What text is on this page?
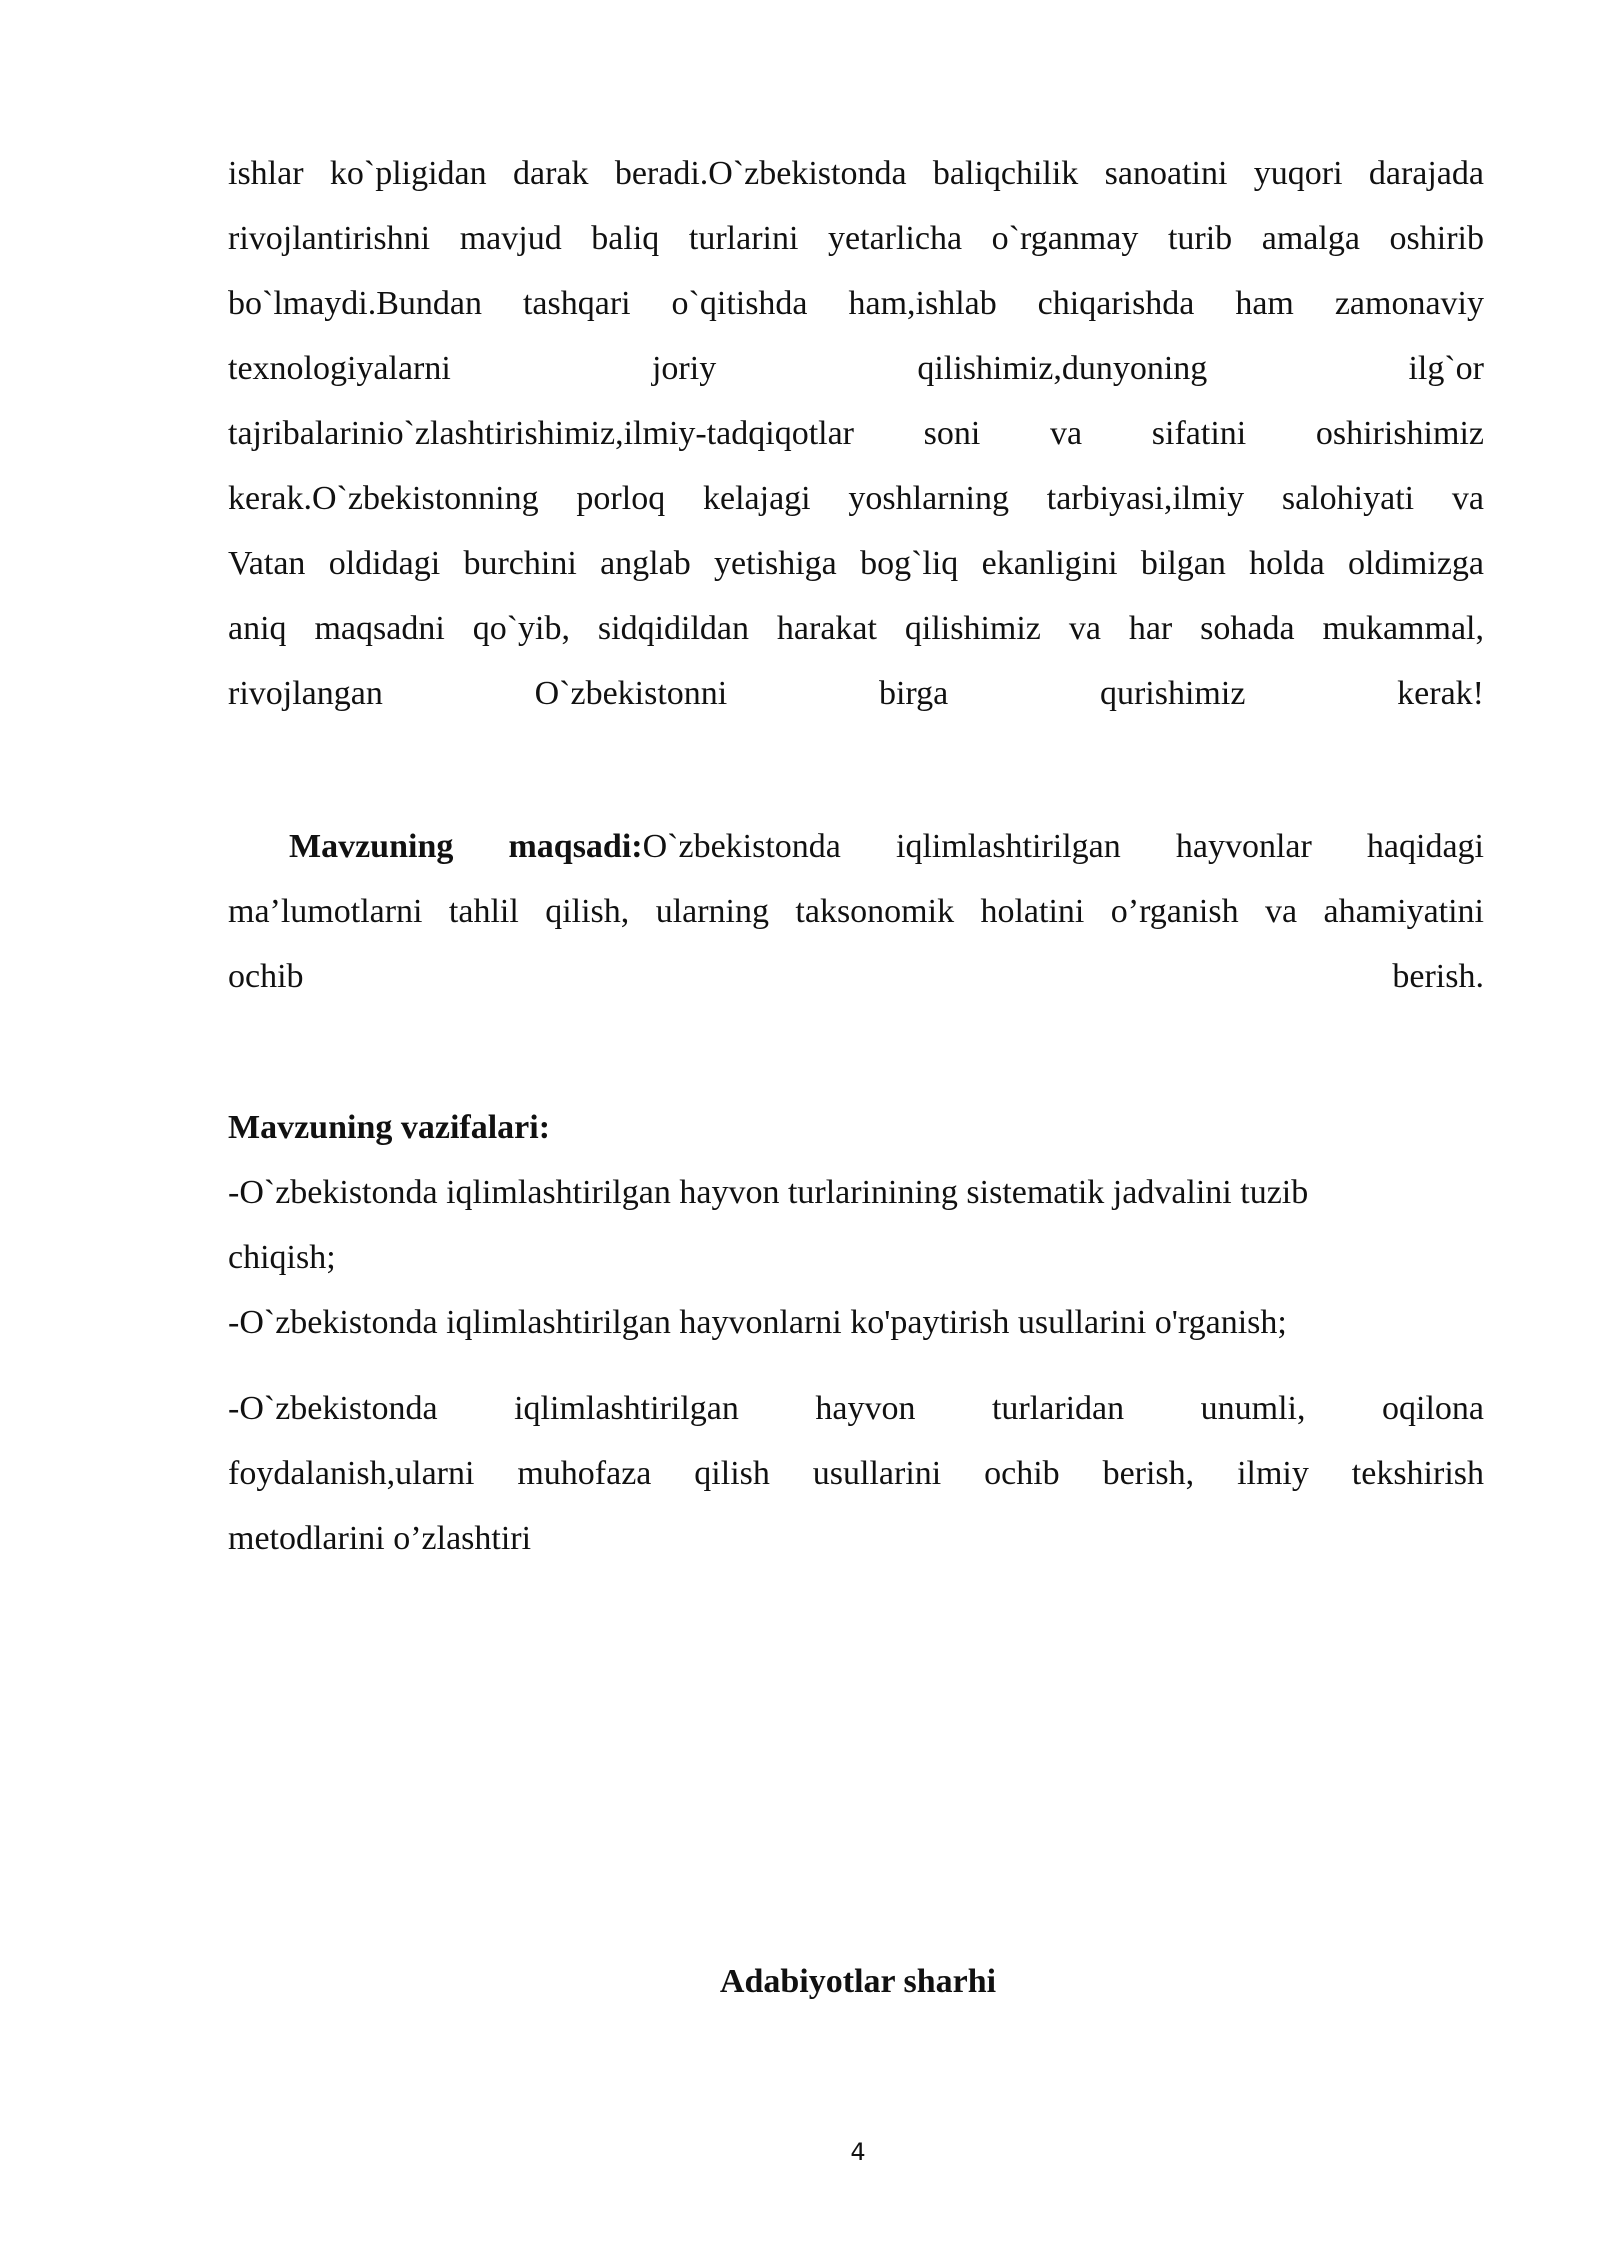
ishlar ko`pligidan darak beradi.O`zbekistonda baliqchilik sanoatini yuqori darajada
rivojlantirishni mavjud baliq turlarini yetarlicha o`rganmay turib amalga oshirib
bo`lmaydi.Bundan tashqari o`qitishda ham,ishlab chiqarishda ham zamonaviy
texnologiyalarni joriy qilishimiz,dunyoning ilg`or
tajribalarinio`zlashtirishimiz,ilmiy-tadqiqotlar soni va sifatini oshirishimiz
kerak.O`zbekistonning porloq kelajagi yoshlarning tarbiyasi,ilmiy salohiyati va
Vatan oldidagi burchini anglab yetishiga bog`liq ekanligini bilgan holda oldimizga
aniq maqsadni qo`yib, sidqidildan harakat qilishimiz va har sohada mukammal,
rivojlangan O`zbekistonni birga qurishimiz kerak!
Mavzuning maqsadi:O`zbekistonda iqlimlashtirilgan hayvonlar haqidagi
ma’lumotlarni tahlil qilish, ularning taksonomik holatini o’rganish va ahamiyatini
ochib berish.
Mavzuning vazifalari:
-O`zbekistonda iqlimlashtirilgan hayvon turlarinining sistematik jadvalini tuzib
chiqish;
-O`zbekistonda iqlimlashtirilgan hayvonlarni ko'paytirish usullarini o'rganish;
-O`zbekistonda iqlimlashtirilgan hayvon turlaridan unumli, oqilona
foydalanish,ularni muhofaza qilish usullarini ochib berish, ilmiy tekshirish
metodlarini o’zlashtiri
Adabiyotlar sharhi
4
